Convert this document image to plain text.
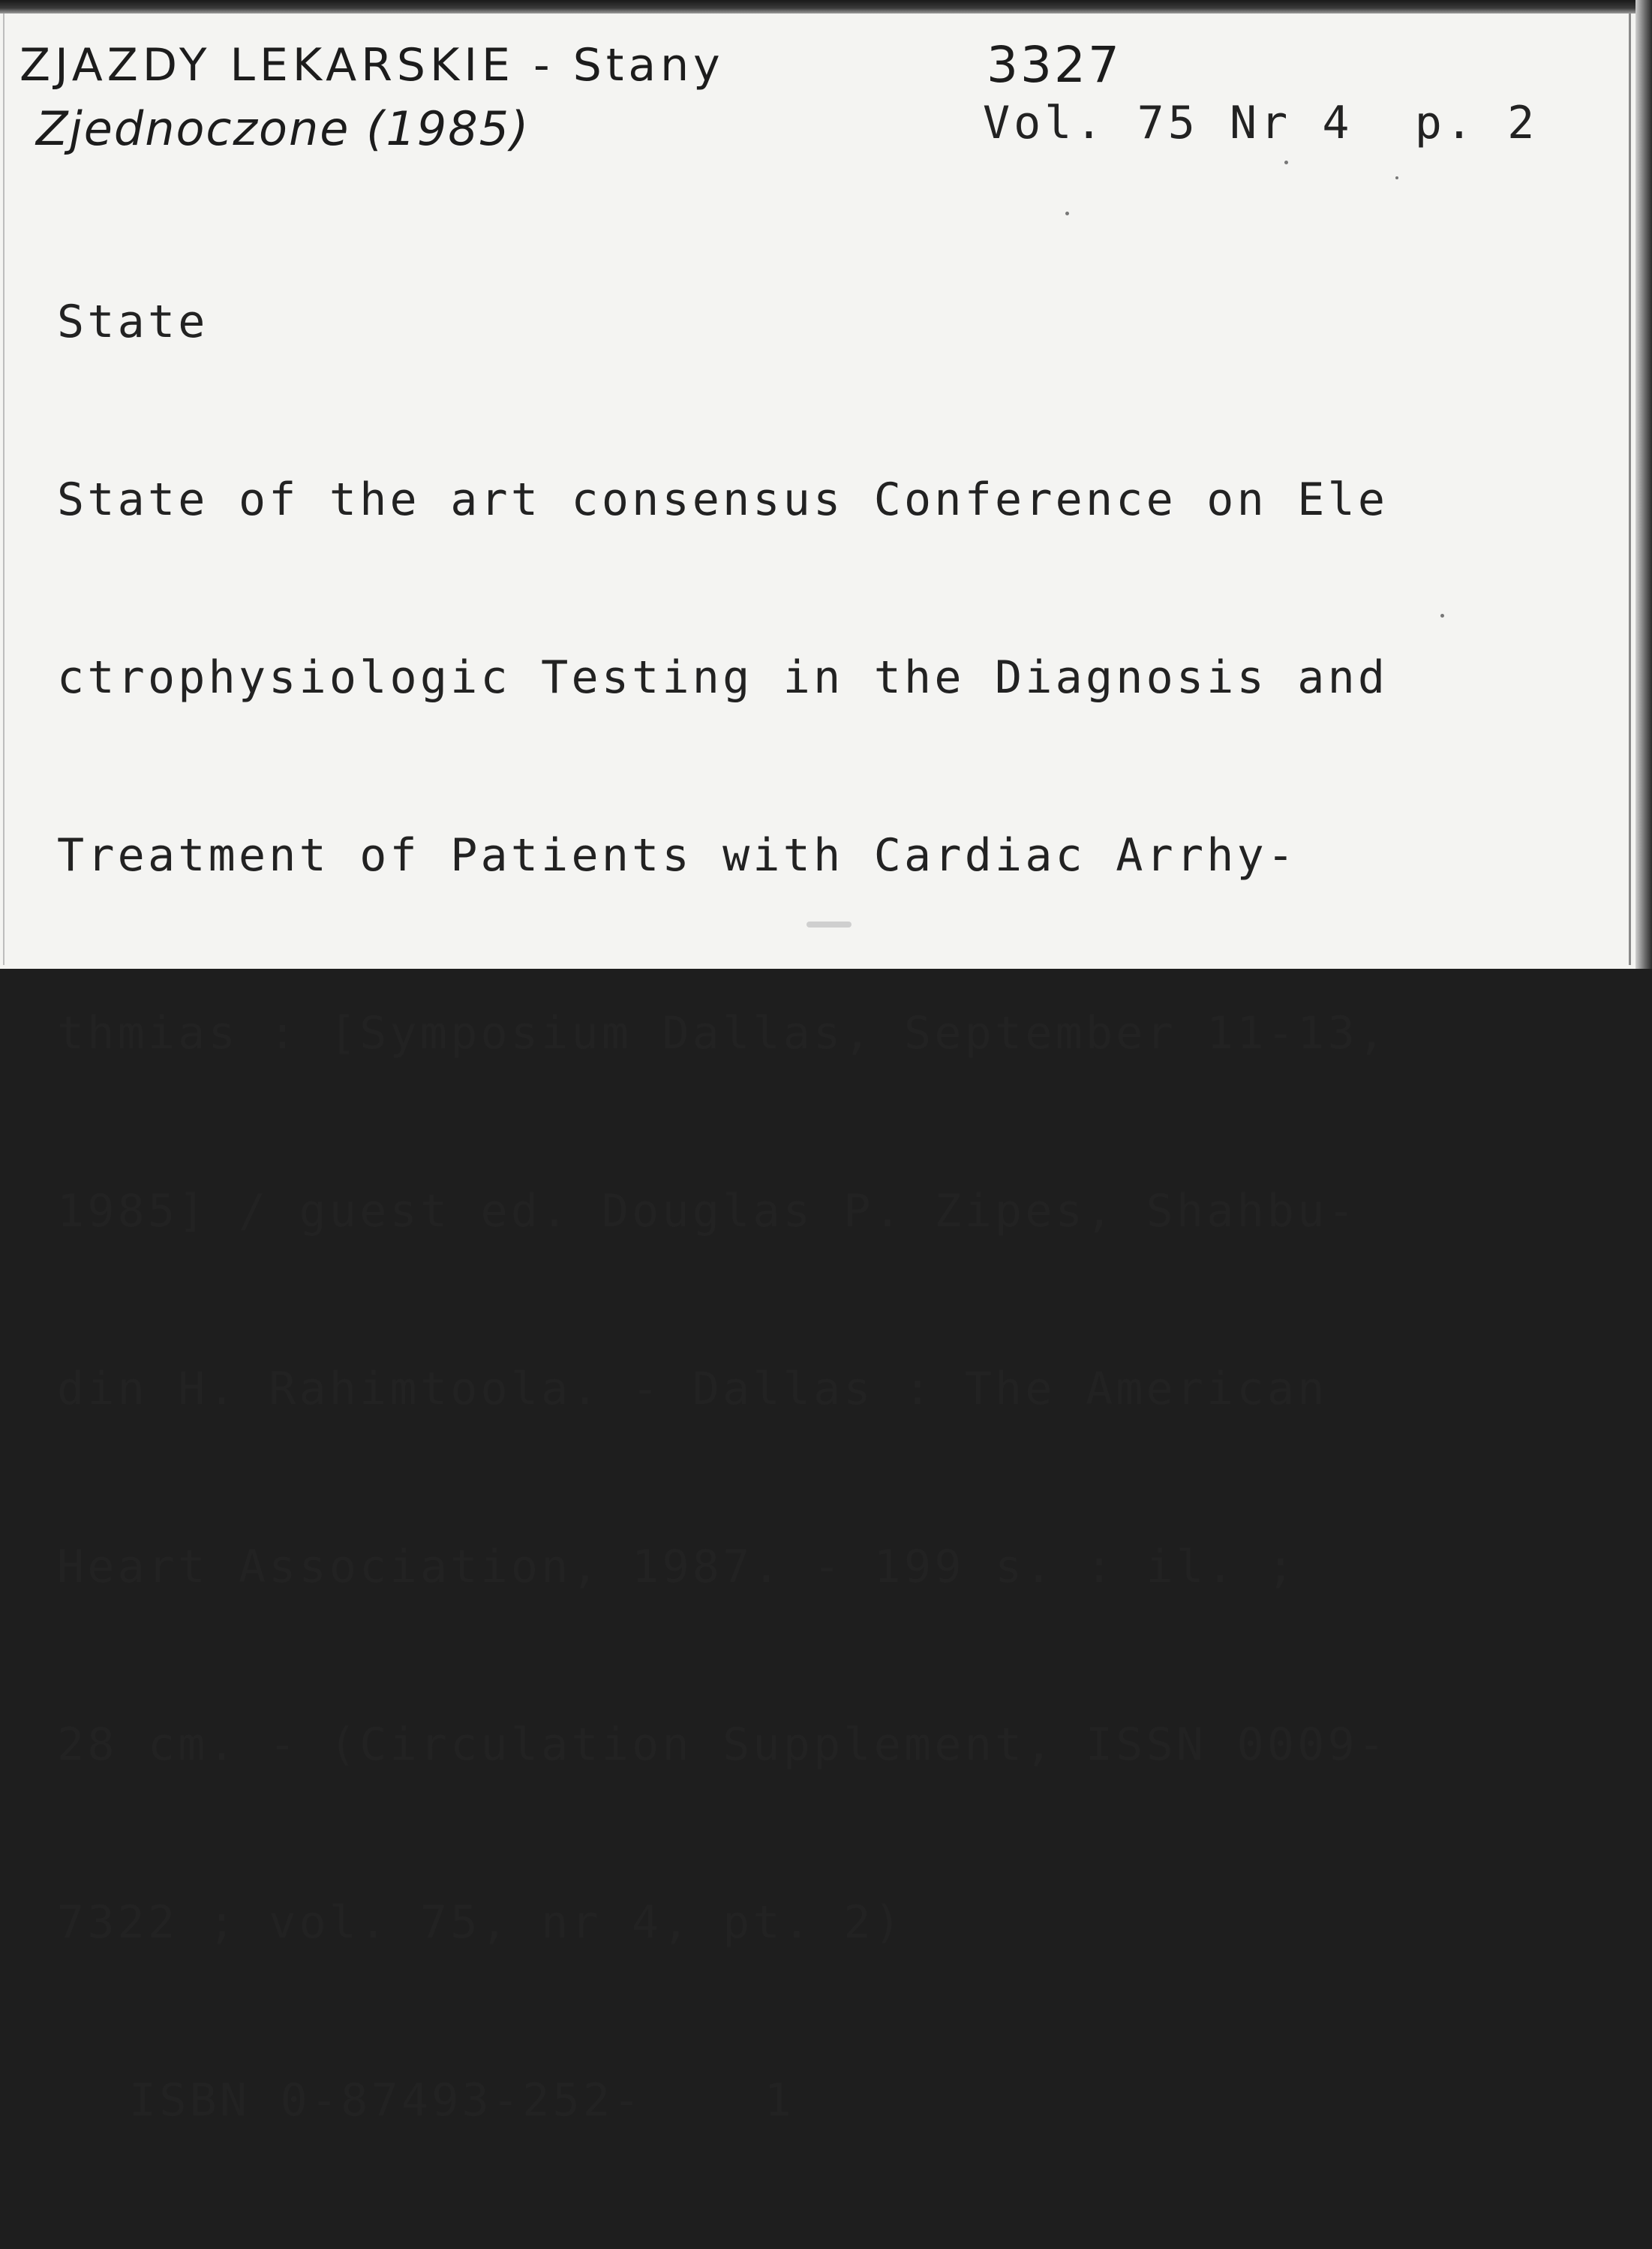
ZJAZDY LEKARSKIE - Stany
Zjednoczone (1985)
3327
Vol. 75 Nr 4  p. 2

State

State of the art consensus Conference on Ele

ctrophysiologic Testing in the Diagnosis and

Treatment of Patients with Cardiac Arrhy-

thmias : [Symposium Dallas, September 11-13,

1985] / guest ed. Douglas P. Zipes, Shahbu-

din H. Rahimtoola. - Dallas : The American

Heart Association, 1987. - 199 s. : il. ;

28 cm. - (Circulation Supplement, ISSN 0009-

7322 ; vol. 75, nr 4, pt. 2)

ISBN 0-87493-252-    1
